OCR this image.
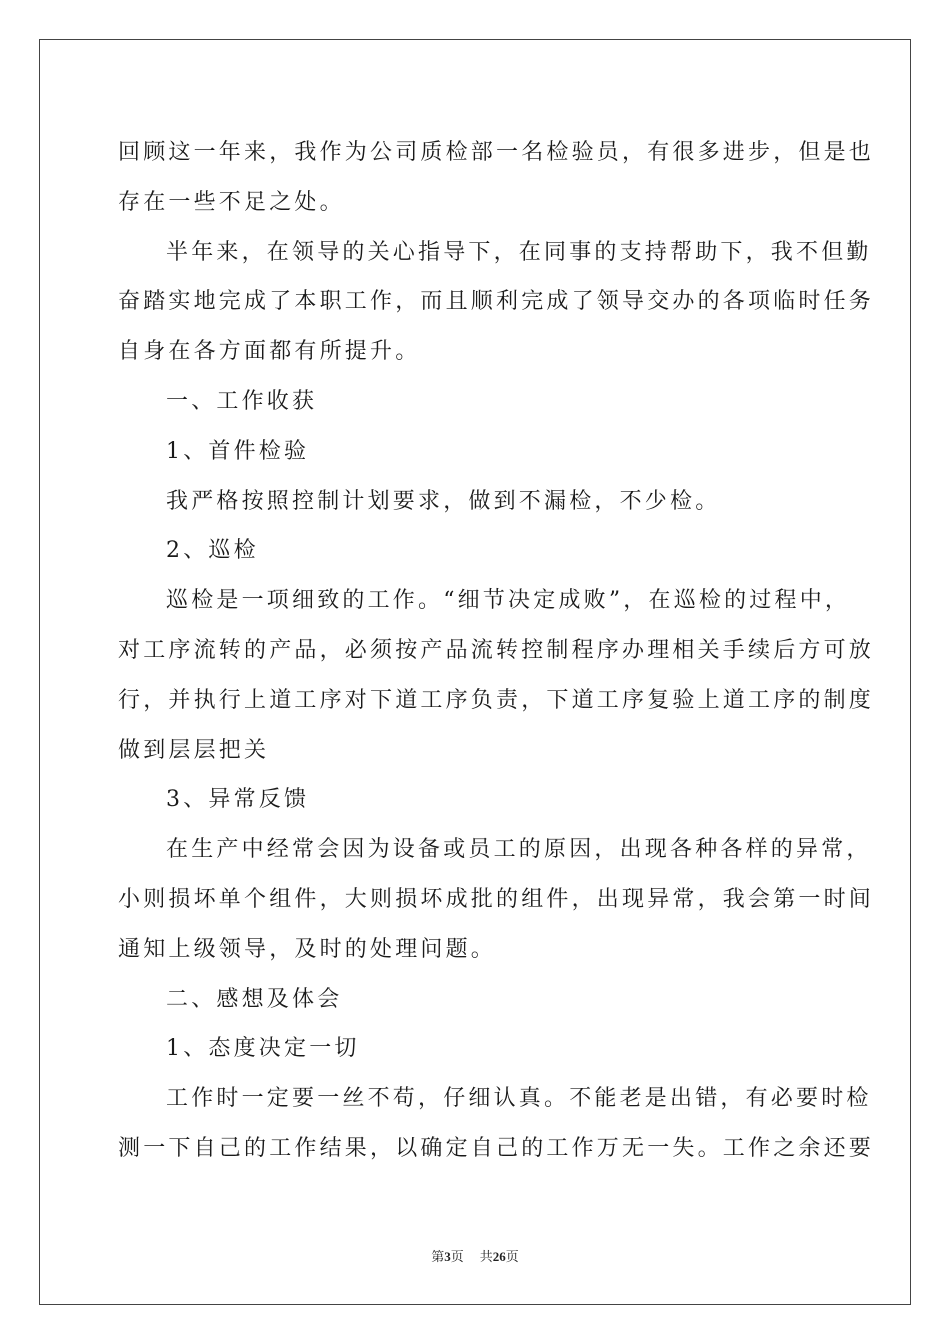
回顾这一年来，我作为公司质检部一名检验员，有很多进步，但是也
存在一些不足之处。
半年来，在领导的关心指导下，在同事的支持帮助下，我不但勤
奋踏实地完成了本职工作，而且顺利完成了领导交办的各项临时任务
自身在各方面都有所提升。
一、工作收获
1、首件检验
我严格按照控制计划要求，做到不漏检，不少检。
2、巡检
巡检是一项细致的工作。“细节决定成败”，在巡检的过程中，
对工序流转的产品，必须按产品流转控制程序办理相关手续后方可放
行，并执行上道工序对下道工序负责，下道工序复验上道工序的制度
做到层层把关
3、异常反馈
在生产中经常会因为设备或员工的原因，出现各种各样的异常，
小则损坏单个组件，大则损坏成批的组件，出现异常，我会第一时间
通知上级领导，及时的处理问题。
二、感想及体会
1、态度决定一切
工作时一定要一丝不苟，仔细认真。不能老是出错，有必要时检
测一下自己的工作结果，以确定自己的工作万无一失。工作之余还要
第3页 共26页
